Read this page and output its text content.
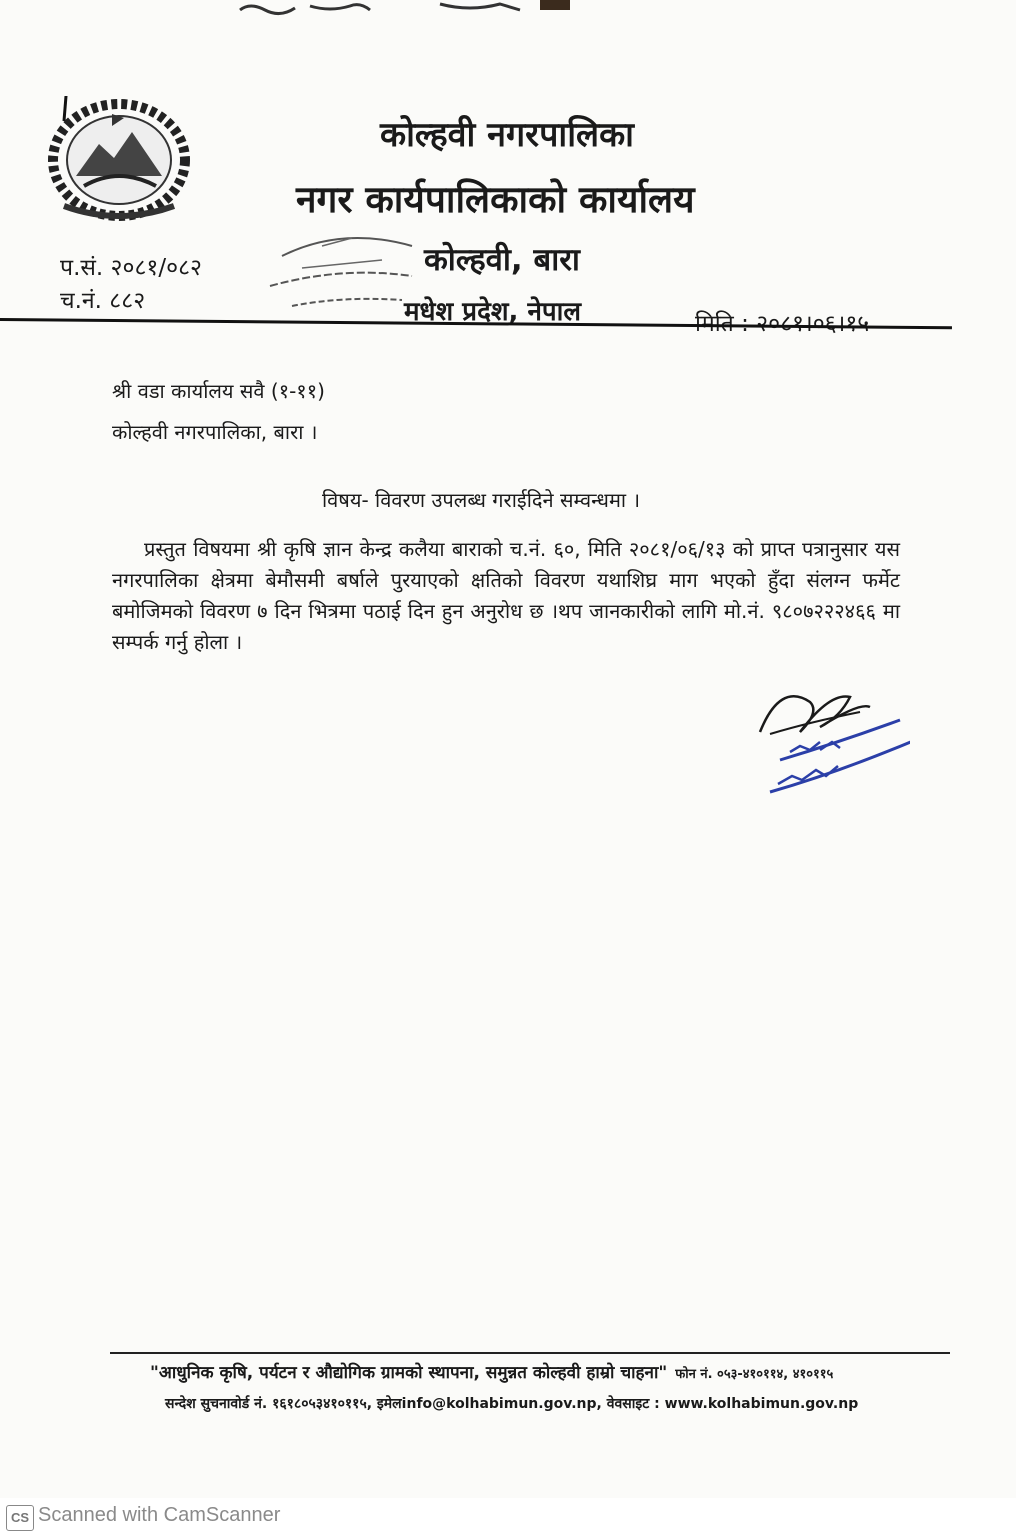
कोल्हवी नगरपालिका
नगर कार्यपालिकाको कार्यालय
कोल्हवी, बारा
मधेश प्रदेश, नेपाल
प.सं. २०८१/०८२
च.नं. ८८२
मिति : २०८१।०६।१५
श्री वडा कार्यालय सवै (१-११)
कोल्हवी नगरपालिका, बारा ।
विषय- विवरण उपलब्ध गराईदिने सम्वन्धमा ।
प्रस्तुत विषयमा श्री कृषि ज्ञान केन्द्र कलैया बाराको च.नं. ६०, मिति २०८१/०६/१३ को प्राप्त पत्रानुसार यस नगरपालिका क्षेत्रमा बेमौसमी बर्षाले पुरयाएको क्षतिको विवरण यथाशिघ्र माग भएको हुँदा संलग्न फर्मेट बमोजिमको विवरण ७ दिन भित्रमा पठाई दिन हुन अनुरोध छ ।थप जानकारीको लागि मो.नं. ९८०७२२२४६६ मा सम्पर्क गर्नु होला ।
"आधुनिक कृषि, पर्यटन र औद्योगिक ग्रामको स्थापना, समुन्नत कोल्हवी हाम्रो चाहना" फोन नं. ०५३-४१०११४, ४१०११५
सन्देश सुचनावोर्ड नं. १६१८०५३४१०११५, इमेलinfo@kolhabimun.gov.np, वेवसाइट : www.kolhabimun.gov.np
CS Scanned with CamScanner
